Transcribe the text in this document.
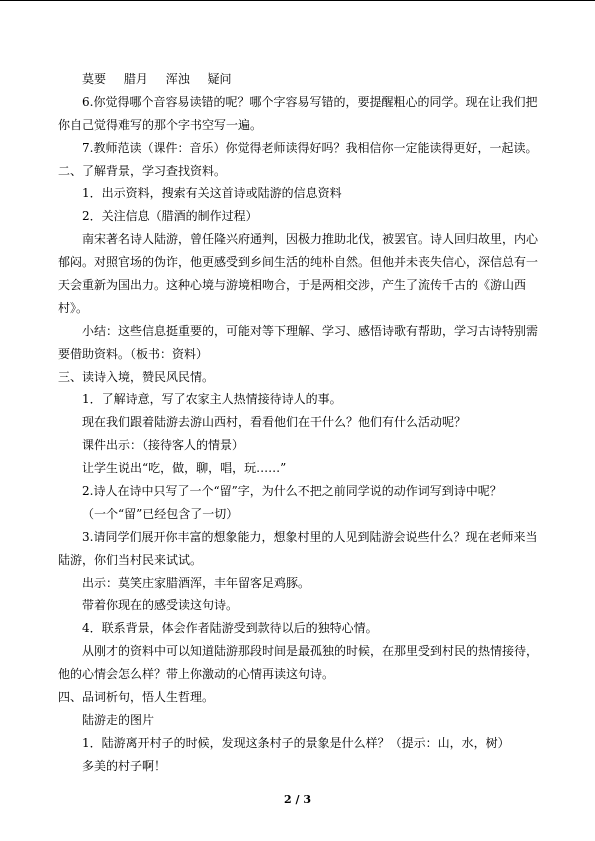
莫要 腊月 浑浊 疑问
6.你觉得哪个音容易读错的呢？哪个字容易写错的，要提醒粗心的同学。现在让我们把
你自己觉得难写的那个字书空写一遍。
7.教师范读（课件：音乐）你觉得老师读得好吗？我相信你一定能读得更好，一起读。
二、了解背景，学习查找资料。
1．出示资料，搜索有关这首诗或陆游的信息资料
2．关注信息（腊酒的制作过程）
南宋著名诗人陆游，曾任隆兴府通判，因极力推助北伐，被罢官。诗人回归故里，内心
郁闷。对照官场的伪诈，他更感受到乡间生活的纯朴自然。但他并未丧失信心，深信总有一
天会重新为国出力。这种心境与游境相吻合，于是两相交涉，产生了流传千古的《游山西
村》。
小结：这些信息挺重要的，可能对等下理解、学习、感悟诗歌有帮助，学习古诗特别需
要借助资料。（板书：资料）
三、读诗入境，赞民风民情。
1．了解诗意，写了农家主人热情接待诗人的事。
现在我们跟着陆游去游山西村，看看他们在干什么？他们有什么活动呢？
课件出示：（接待客人的情景）
让学生说出“吃，做，聊，唱，玩……”
2.诗人在诗中只写了一个“留”字，为什么不把之前同学说的动作词写到诗中呢？
（一个“留”已经包含了一切）
3.请同学们展开你丰富的想象能力，想象村里的人见到陆游会说些什么？现在老师来当
陆游，你们当村民来试试。
出示：莫笑庄家腊酒浑，丰年留客足鸡豚。
带着你现在的感受读这句诗。
4．联系背景，体会作者陆游受到款待以后的独特心情。
从刚才的资料中可以知道陆游那段时间是最孤独的时候，在那里受到村民的热情接待，
他的心情会怎么样？带上你激动的心情再读这句诗。
四、品词析句，悟人生哲理。
陆游走的图片
1．陆游离开村子的时候，发现这条村子的景象是什么样？（提示：山，水，树）
多美的村子啊！
2 / 3
